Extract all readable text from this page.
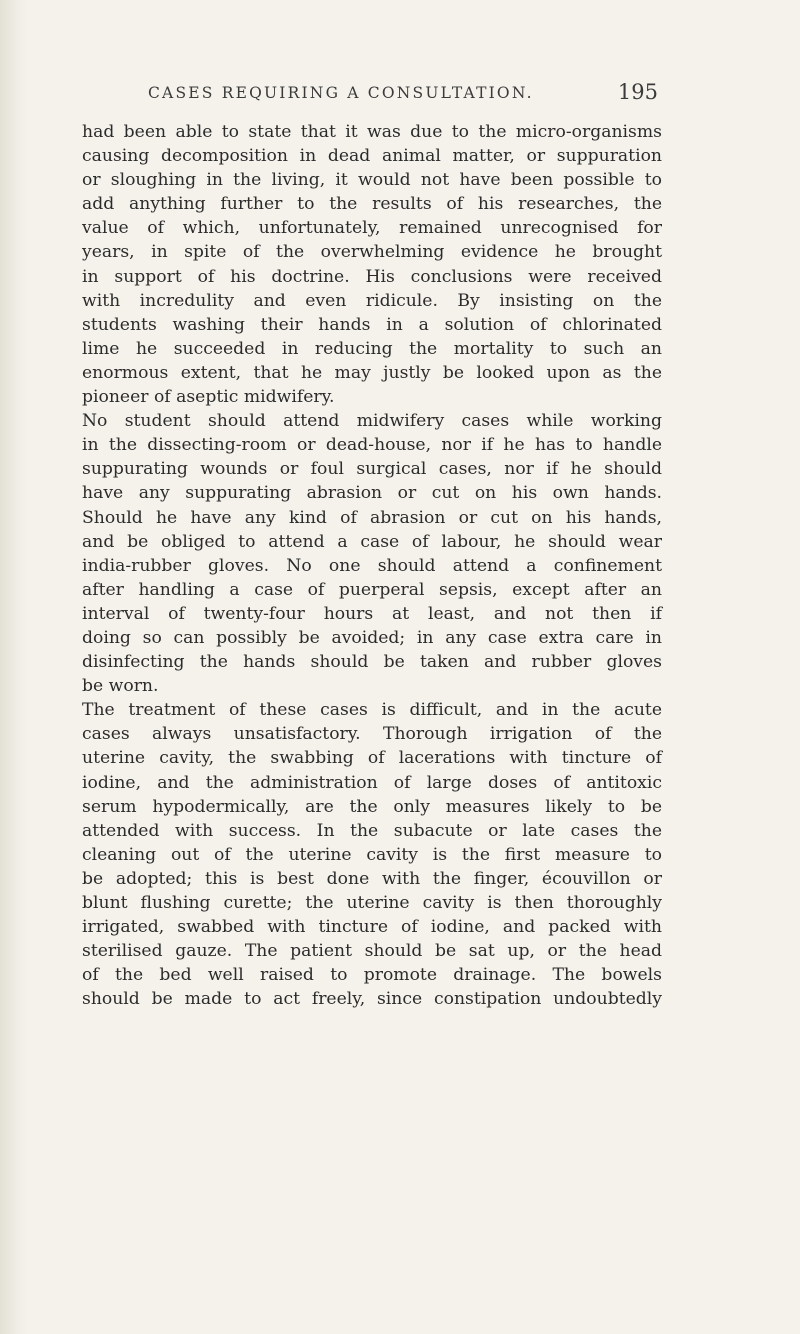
CASES REQUIRING A CONSULTATION.	195
had been able to state that it was due to the micro-organisms
causing decomposition in dead animal matter, or suppuration
or sloughing in the living, it would not have been possible to
add anything further to the results of his researches, the
value of which, unfortunately, remained unrecognised for
years, in spite of the overwhelming evidence he brought
in support of his doctrine. His conclusions were received
with incredulity and even ridicule. By insisting on the
students washing their hands in a solution of chlorinated
lime he succeeded in reducing the mortality to such an
enormous extent, that he may justly be looked upon as the
pioneer of aseptic midwifery.
No student should attend midwifery cases while working
in the dissecting-room or dead-house, nor if he has to handle
suppurating wounds or foul surgical cases, nor if he should
have any suppurating abrasion or cut on his own hands.
Should he have any kind of abrasion or cut on his hands,
and be obliged to attend a case of labour, he should wear
india-rubber gloves. No one should attend a confinement
after handling a case of puerperal sepsis, except after an
interval of twenty-four hours at least, and not then if
doing so can possibly be avoided; in any case extra care in
disinfecting the hands should be taken and rubber gloves
be worn.
The treatment of these cases is difficult, and in the acute
cases always unsatisfactory. Thorough irrigation of the
uterine cavity, the swabbing of lacerations with tincture of
iodine, and the administration of large doses of antitoxic
serum hypodermically, are the only measures likely to be
attended with success. In the subacute or late cases the
cleaning out of the uterine cavity is the first measure to
be adopted; this is best done with the finger, écouvillon or
blunt flushing curette; the uterine cavity is then thoroughly
irrigated, swabbed with tincture of iodine, and packed with
sterilised gauze. The patient should be sat up, or the head
of the bed well raised to promote drainage. The bowels
should be made to act freely, since constipation undoubtedly
